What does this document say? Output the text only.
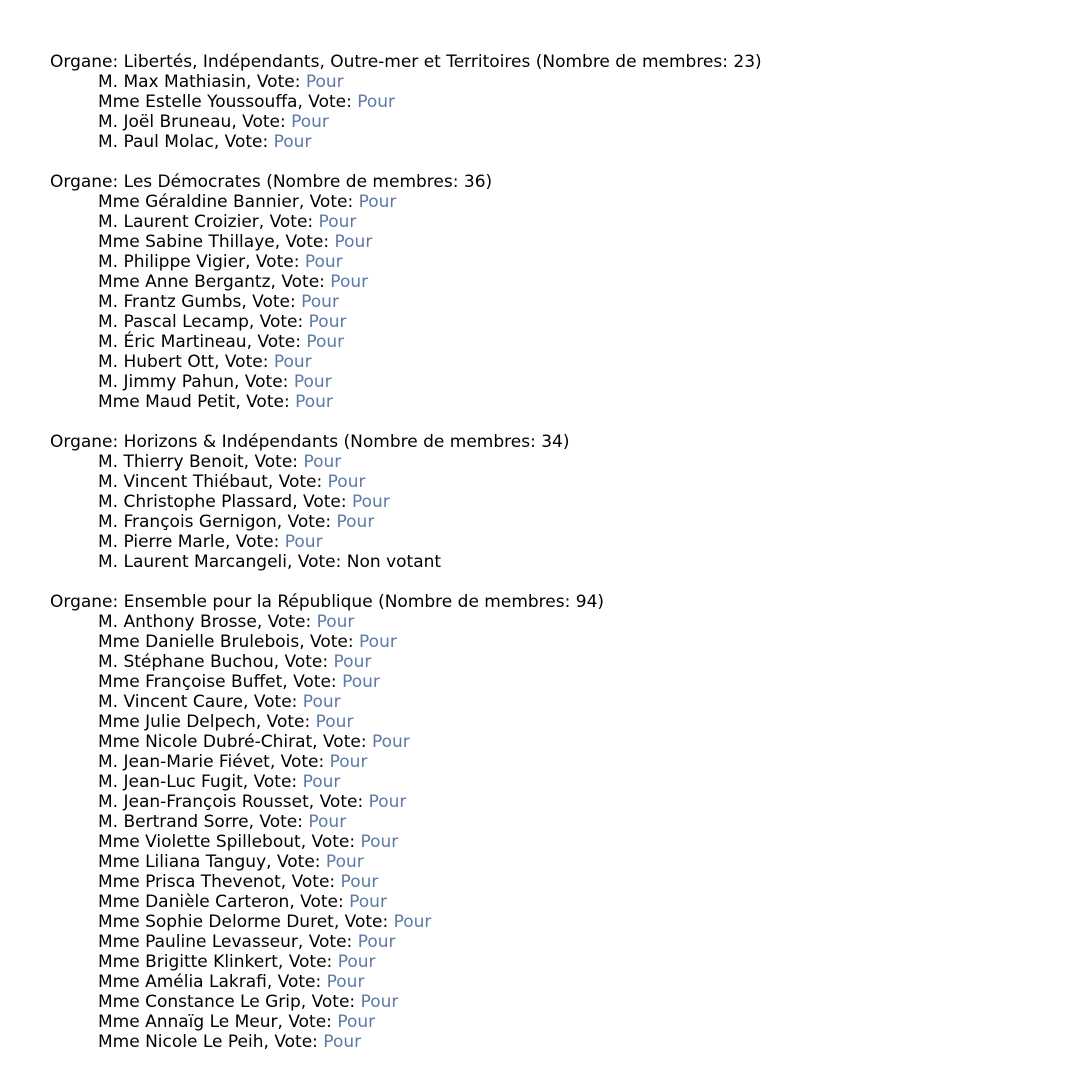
Organe: Libertés, Indépendants, Outre-mer et Territoires (Nombre de membres: 23)
M. Max Mathiasin, Vote: Pour
Mme Estelle Youssouffa, Vote: Pour
M. Joël Bruneau, Vote: Pour
M. Paul Molac, Vote: Pour
Organe: Les Démocrates (Nombre de membres: 36)
Mme Géraldine Bannier, Vote: Pour
M. Laurent Croizier, Vote: Pour
Mme Sabine Thillaye, Vote: Pour
M. Philippe Vigier, Vote: Pour
Mme Anne Bergantz, Vote: Pour
M. Frantz Gumbs, Vote: Pour
M. Pascal Lecamp, Vote: Pour
M. Éric Martineau, Vote: Pour
M. Hubert Ott, Vote: Pour
M. Jimmy Pahun, Vote: Pour
Mme Maud Petit, Vote: Pour
Organe: Horizons & Indépendants (Nombre de membres: 34)
M. Thierry Benoit, Vote: Pour
M. Vincent Thiébaut, Vote: Pour
M. Christophe Plassard, Vote: Pour
M. François Gernigon, Vote: Pour
M. Pierre Marle, Vote: Pour
M. Laurent Marcangeli, Vote: Non votant
Organe: Ensemble pour la République (Nombre de membres: 94)
M. Anthony Brosse, Vote: Pour
Mme Danielle Brulebois, Vote: Pour
M. Stéphane Buchou, Vote: Pour
Mme Françoise Buffet, Vote: Pour
M. Vincent Caure, Vote: Pour
Mme Julie Delpech, Vote: Pour
Mme Nicole Dubré-Chirat, Vote: Pour
M. Jean-Marie Fiévet, Vote: Pour
M. Jean-Luc Fugit, Vote: Pour
M. Jean-François Rousset, Vote: Pour
M. Bertrand Sorre, Vote: Pour
Mme Violette Spillebout, Vote: Pour
Mme Liliana Tanguy, Vote: Pour
Mme Prisca Thevenot, Vote: Pour
Mme Danièle Carteron, Vote: Pour
Mme Sophie Delorme Duret, Vote: Pour
Mme Pauline Levasseur, Vote: Pour
Mme Brigitte Klinkert, Vote: Pour
Mme Amélia Lakrafi, Vote: Pour
Mme Constance Le Grip, Vote: Pour
Mme Annaïg Le Meur, Vote: Pour
Mme Nicole Le Peih, Vote: Pour
